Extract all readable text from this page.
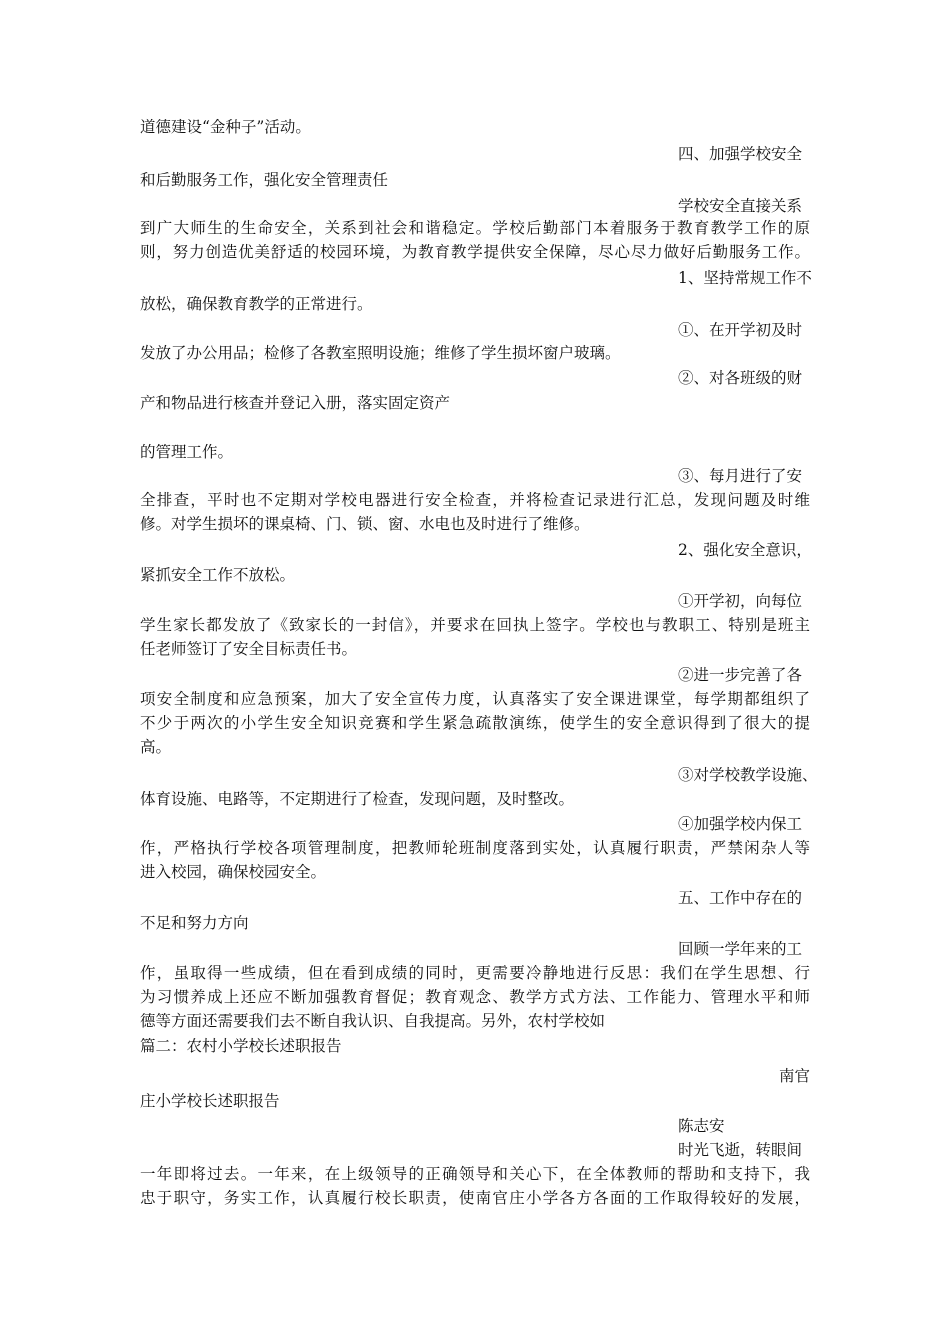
道德建设“金种子”活动。
四、加强学校安全
和后勤服务工作，强化安全管理责任
学校安全直接关系
到广大师生的生命安全，关系到社会和谐稳定。学校后勤部门本着服务于教育教学工作的原
则，努力创造优美舒适的校园环境，为教育教学提供安全保障，尽心尽力做好后勤服务工作。
1、坚持常规工作不
放松，确保教育教学的正常进行。
①、在开学初及时
发放了办公用品；检修了各教室照明设施；维修了学生损坏窗户玻璃。
②、对各班级的财
产和物品进行核查并登记入册，落实固定资产
的管理工作。
③、每月进行了安
全排查，平时也不定期对学校电器进行安全检查，并将检查记录进行汇总，发现问题及时维
修。对学生损坏的课桌椅、门、锁、窗、水电也及时进行了维修。
2、强化安全意识，
紧抓安全工作不放松。
①开学初，向每位
学生家长都发放了《致家长的一封信》，并要求在回执上签字。学校也与教职工、特别是班主
任老师签订了安全目标责任书。
②进一步完善了各
项安全制度和应急预案，加大了安全宣传力度，认真落实了安全课进课堂，每学期都组织了
不少于两次的小学生安全知识竞赛和学生紧急疏散演练，使学生的安全意识得到了很大的提
高。
③对学校教学设施、
体育设施、电路等，不定期进行了检查，发现问题，及时整改。
④加强学校内保工
作，严格执行学校各项管理制度，把教师轮班制度落到实处，认真履行职责，严禁闲杂人等
进入校园，确保校园安全。
五、工作中存在的
不足和努力方向
回顾一学年来的工
作，虽取得一些成绩，但在看到成绩的同时，更需要冷静地进行反思：我们在学生思想、行
为习惯养成上还应不断加强教育督促；教育观念、教学方式方法、工作能力、管理水平和师
德等方面还需要我们去不断自我认识、自我提高。另外，农村学校如
篇二：农村小学校长述职报告
南官
庄小学校长述职报告
陈志安
时光飞逝，转眼间
一年即将过去。一年来，在上级领导的正确领导和关心下，在全体教师的帮助和支持下，我
忠于职守，务实工作，认真履行校长职责，使南官庄小学各方各面的工作取得较好的发展，
